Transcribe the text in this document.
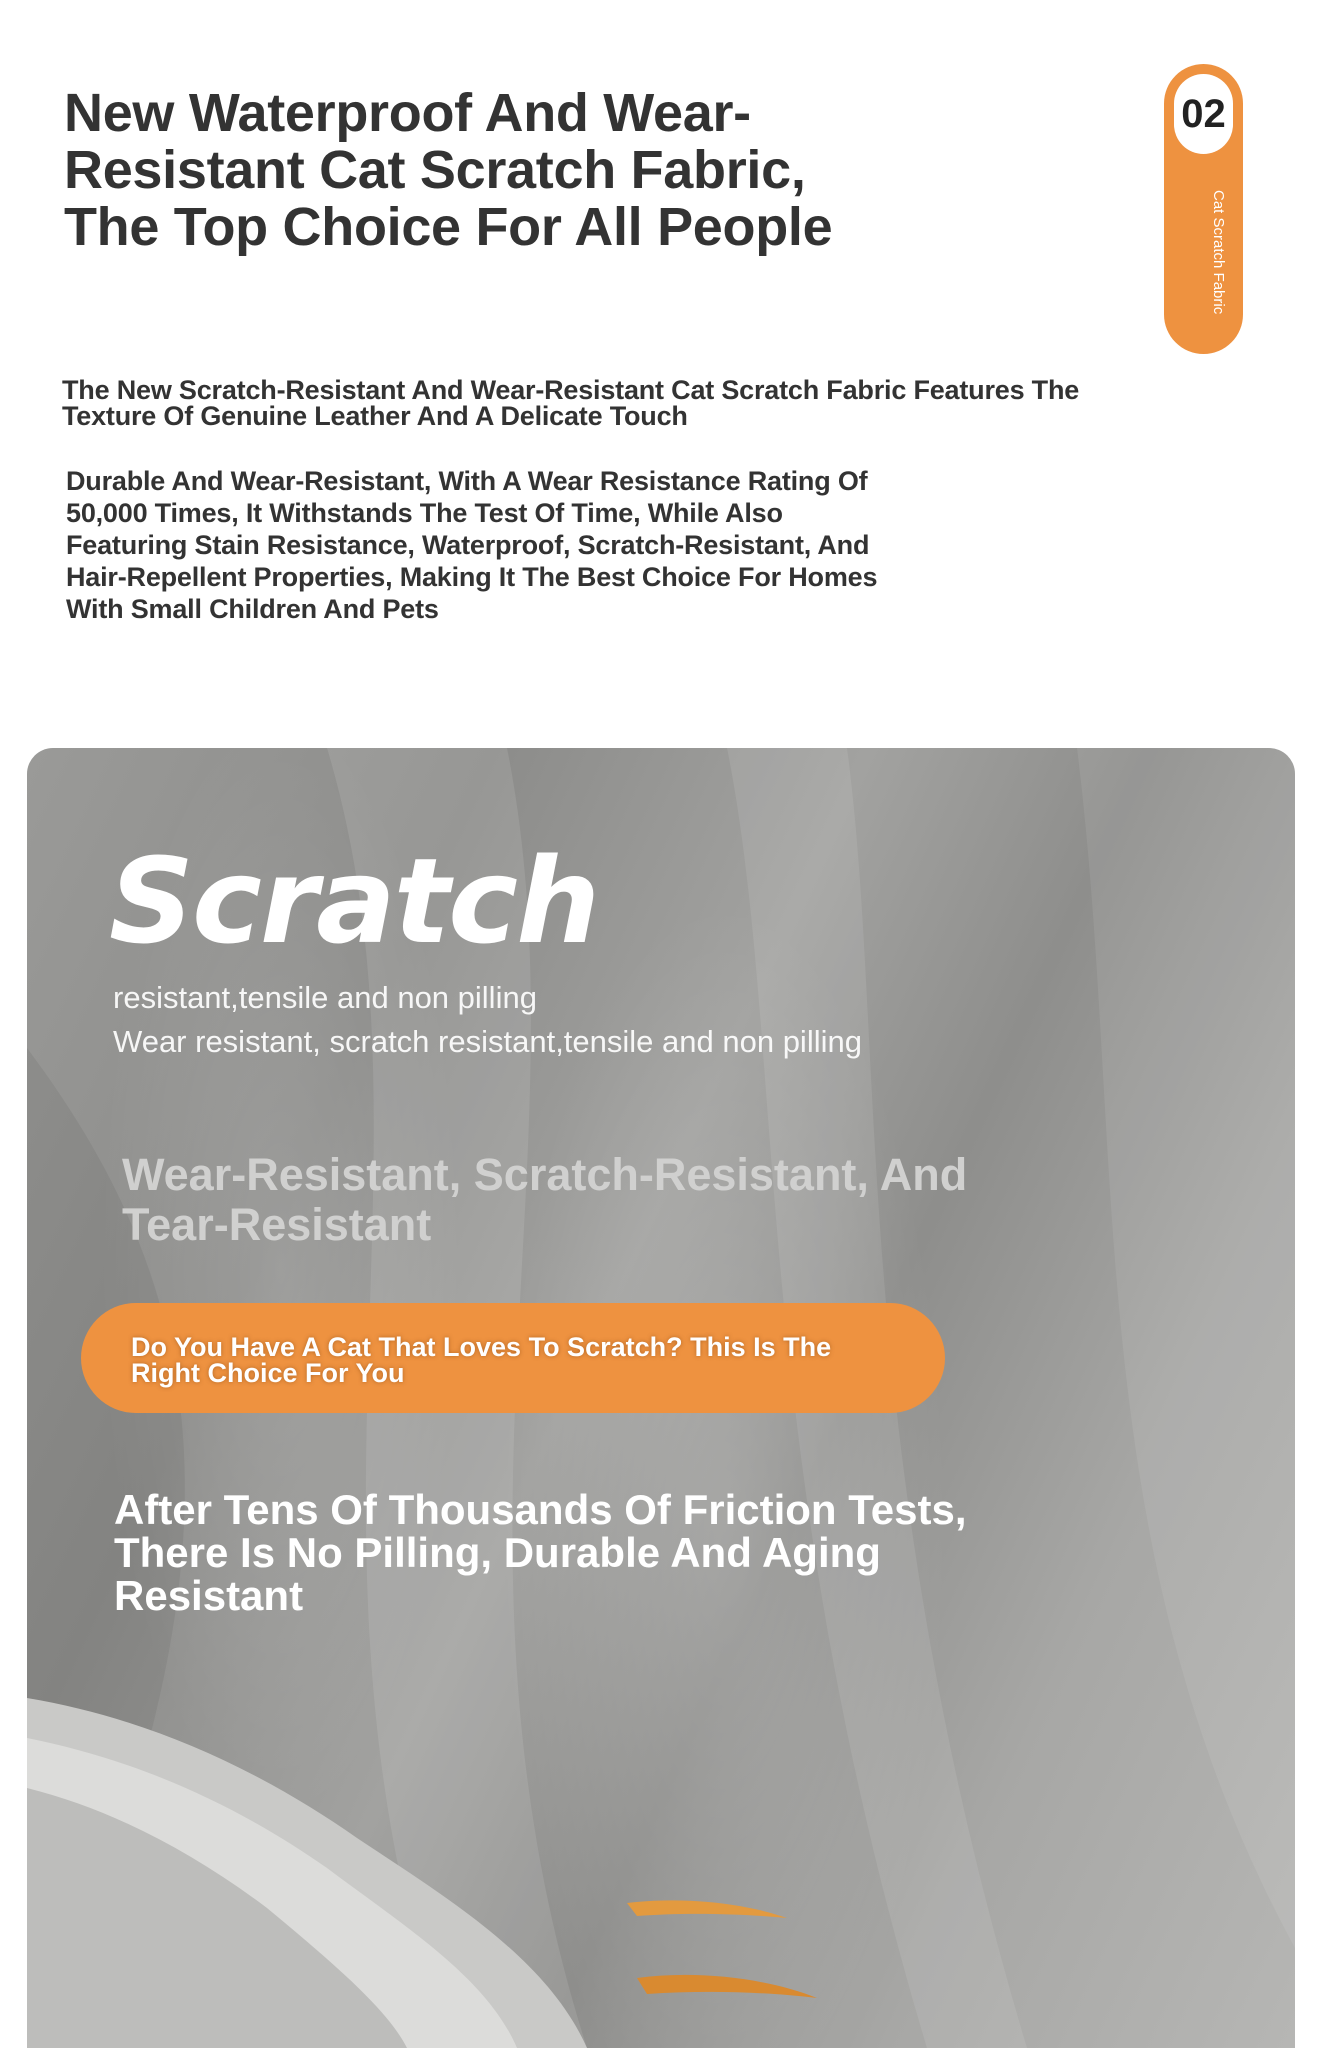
New Waterproof And Wear-Resistant Cat Scratch Fabric, The Top Choice For All People

The New Scratch-Resistant And Wear-Resistant Cat Scratch Fabric Features The Texture Of Genuine Leather And A Delicate Touch

Durable And Wear-Resistant, With A Wear Resistance Rating Of 50,000 Times, It Withstands The Test Of Time, While Also Featuring Stain Resistance, Waterproof, Scratch-Resistant, And Hair-Repellent Properties, Making It The Best Choice For Homes With Small Children And Pets

02
Cat Scratch Fabric
Scratch

resistant,tensile and non pilling

Wear resistant, scratch resistant,tensile and non pilling

Wear-Resistant, Scratch-Resistant, And Tear-Resistant

Do You Have A Cat That Loves To Scratch? This Is The Right Choice For You

After Tens Of Thousands Of Friction Tests, There Is No Pilling, Durable And Aging Resistant
